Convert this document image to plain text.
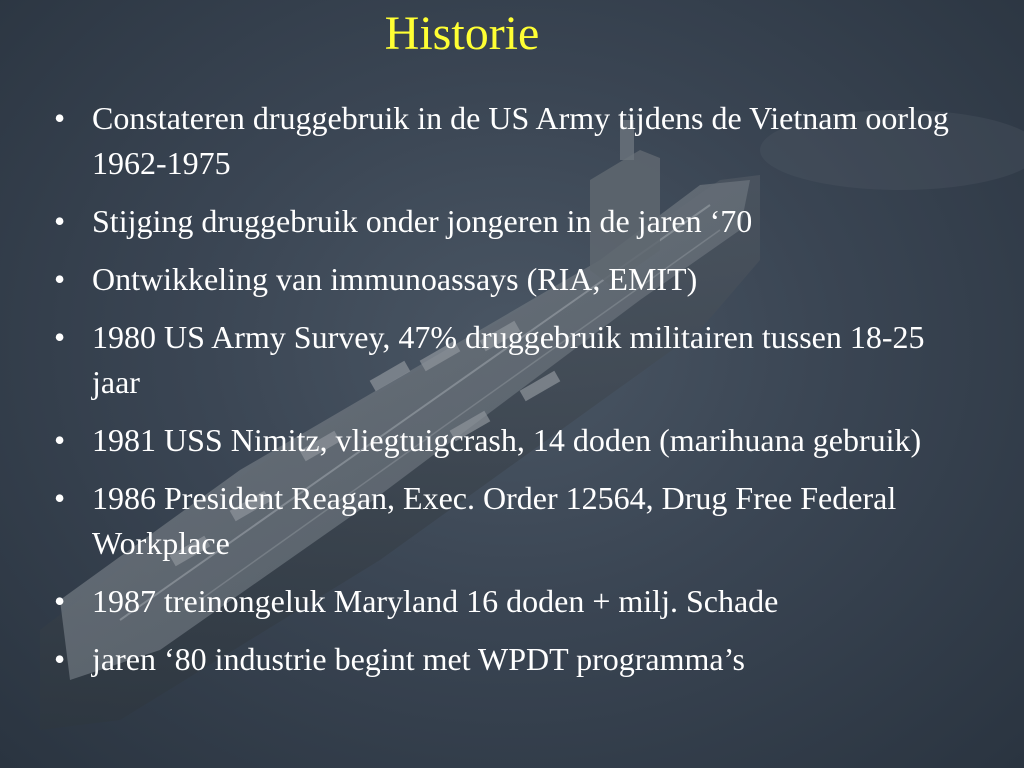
Historie
• Constateren druggebruik in de US Army tijdens de Vietnam oorlog 1962-1975
• Stijging druggebruik onder jongeren in de jaren ‘70
• Ontwikkeling van immunoassays (RIA, EMIT)
• 1980 US Army Survey, 47% druggebruik militairen tussen 18-25 jaar
• 1981 USS Nimitz, vliegtuigcrash, 14 doden (marihuana gebruik)
• 1986 President Reagan, Exec. Order 12564, Drug Free Federal Workplace
• 1987 treinongeluk Maryland 16 doden + milj. Schade
• jaren ‘80 industrie begint met WPDT programma’s
